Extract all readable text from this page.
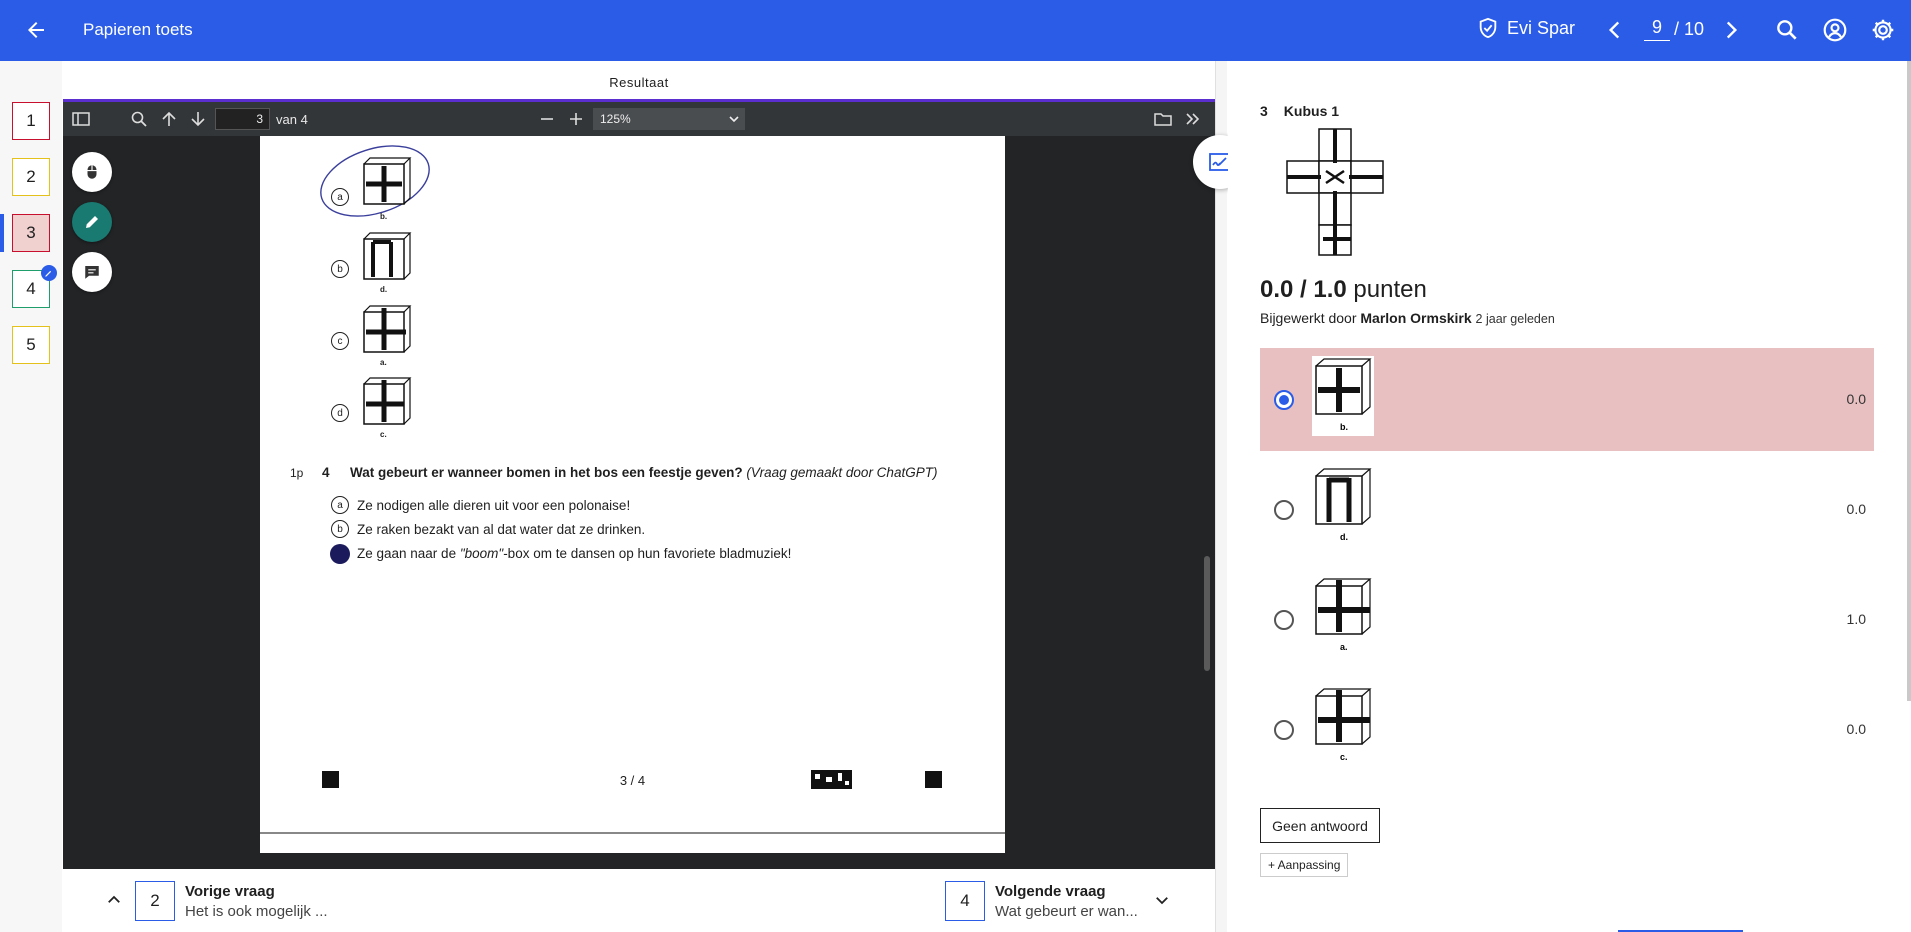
Papieren toets	Evi Spar	9 / 10
1
2
3
4
5
Resultaat
3	van 4	125%
a
b
c
d
b.
d.
a.
c.
1p 4 Wat gebeurt er wanneer bomen in het bos een feestje geven? (Vraag gemaakt door ChatGPT)
a	Ze nodigen alle dieren uit voor een polonaise!
b	Ze raken bezakt van al dat water dat ze drinken.
Ze gaan naar de "boom"-box om te dansen op hun favoriete bladmuziek!
3 / 4
2	Vorige vraag
Het is ook mogelijk ...
4	Volgende vraag
Wat gebeurt er wan...
3 Kubus 1
0.0 / 1.0 punten
Bijgewerkt door Marlon Ormskirk 2 jaar geleden
b.
0.0
d.
0.0
a.
1.0
c.
0.0
Geen antwoord
+ Aanpassing
